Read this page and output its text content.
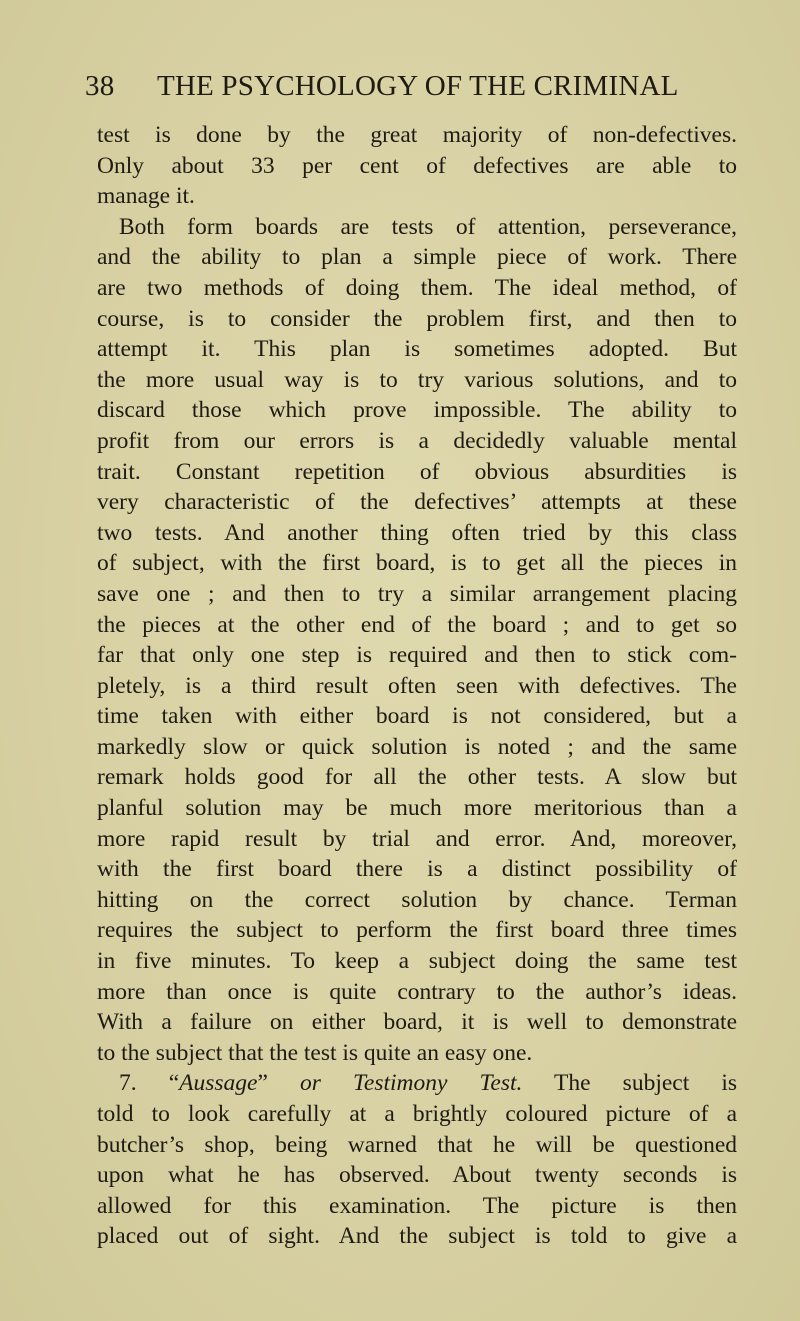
38 THE PSYCHOLOGY OF THE CRIMINAL
test is done by the great majority of non-defectives.
Only about 33 per cent of defectives are able to
manage it.
Both form boards are tests of attention, perseverance,
and the ability to plan a simple piece of work. There
are two methods of doing them. The ideal method, of
course, is to consider the problem first, and then to
attempt it. This plan is sometimes adopted. But
the more usual way is to try various solutions, and to
discard those which prove impossible. The ability to
profit from our errors is a decidedly valuable mental
trait. Constant repetition of obvious absurdities is
very characteristic of the defectives’ attempts at these
two tests. And another thing often tried by this class
of subject, with the first board, is to get all the pieces in
save one ; and then to try a similar arrangement placing
the pieces at the other end of the board ; and to get so
far that only one step is required and then to stick com-
pletely, is a third result often seen with defectives. The
time taken with either board is not considered, but a
markedly slow or quick solution is noted ; and the same
remark holds good for all the other tests. A slow but
planful solution may be much more meritorious than a
more rapid result by trial and error. And, moreover,
with the first board there is a distinct possibility of
hitting on the correct solution by chance. Terman
requires the subject to perform the first board three times
in five minutes. To keep a subject doing the same test
more than once is quite contrary to the author’s ideas.
With a failure on either board, it is well to demonstrate
to the subject that the test is quite an easy one.
7. “Aussage” or Testimony Test. The subject is
told to look carefully at a brightly coloured picture of a
butcher’s shop, being warned that he will be questioned
upon what he has observed. About twenty seconds is
allowed for this examination. The picture is then
placed out of sight. And the subject is told to give a
